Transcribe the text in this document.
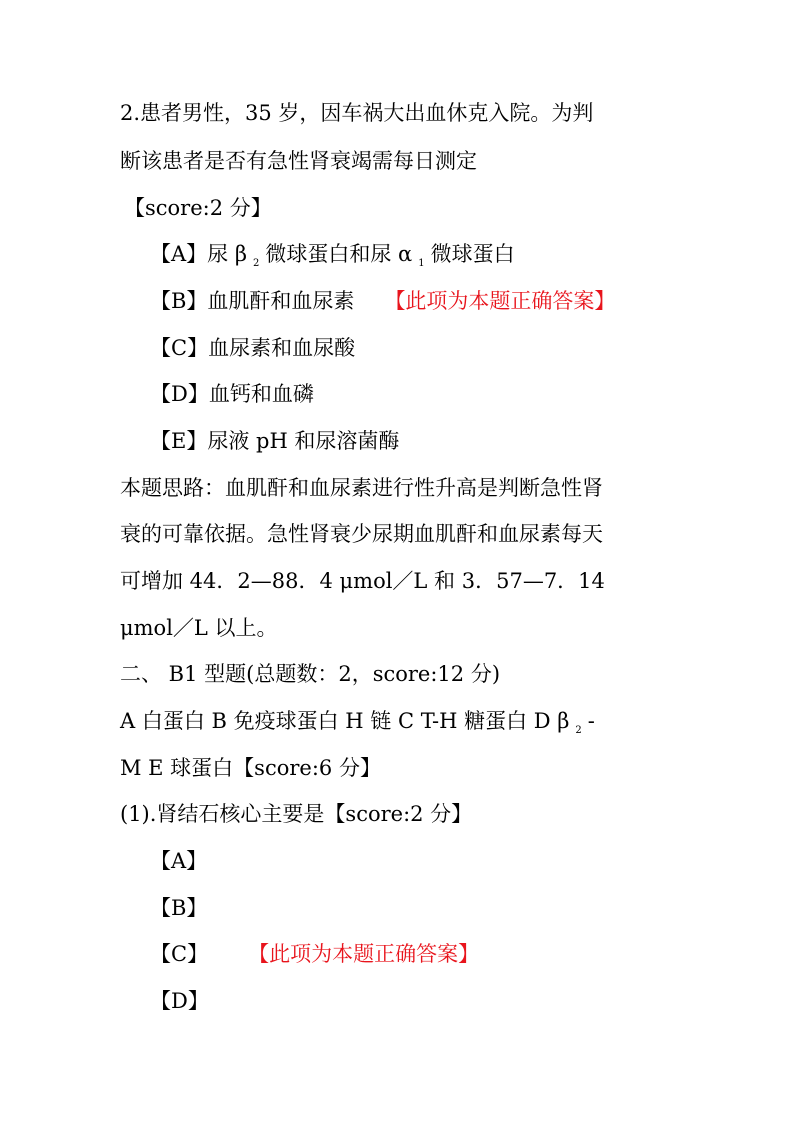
2.患者男性，35 岁，因车祸大出血休克入院。为判
断该患者是否有急性肾衰竭需每日测定
【score:2 分】
【A】尿 β $_2$ 微球蛋白和尿 α $_1$ 微球蛋白
【B】血肌酐和血尿素 【此项为本题正确答案】
【C】血尿素和血尿酸
【D】血钙和血磷
【E】尿液 pH 和尿溶菌酶
本题思路：血肌酐和血尿素进行性升高是判断急性肾
衰的可靠依据。急性肾衰少尿期血肌酐和血尿素每天
可增加 44．2—88．4 μmol／L 和 3．57—7．14
μmol／L 以上。
二、 B1 型题(总题数：2，score:12 分)
A 白蛋白 B 免疫球蛋白 H 链 C T-H 糖蛋白 D β $_2$ -
M E 球蛋白【score:6 分】
(1).肾结石核心主要是【score:2 分】
【A】
【B】
【C】 【此项为本题正确答案】
【D】
